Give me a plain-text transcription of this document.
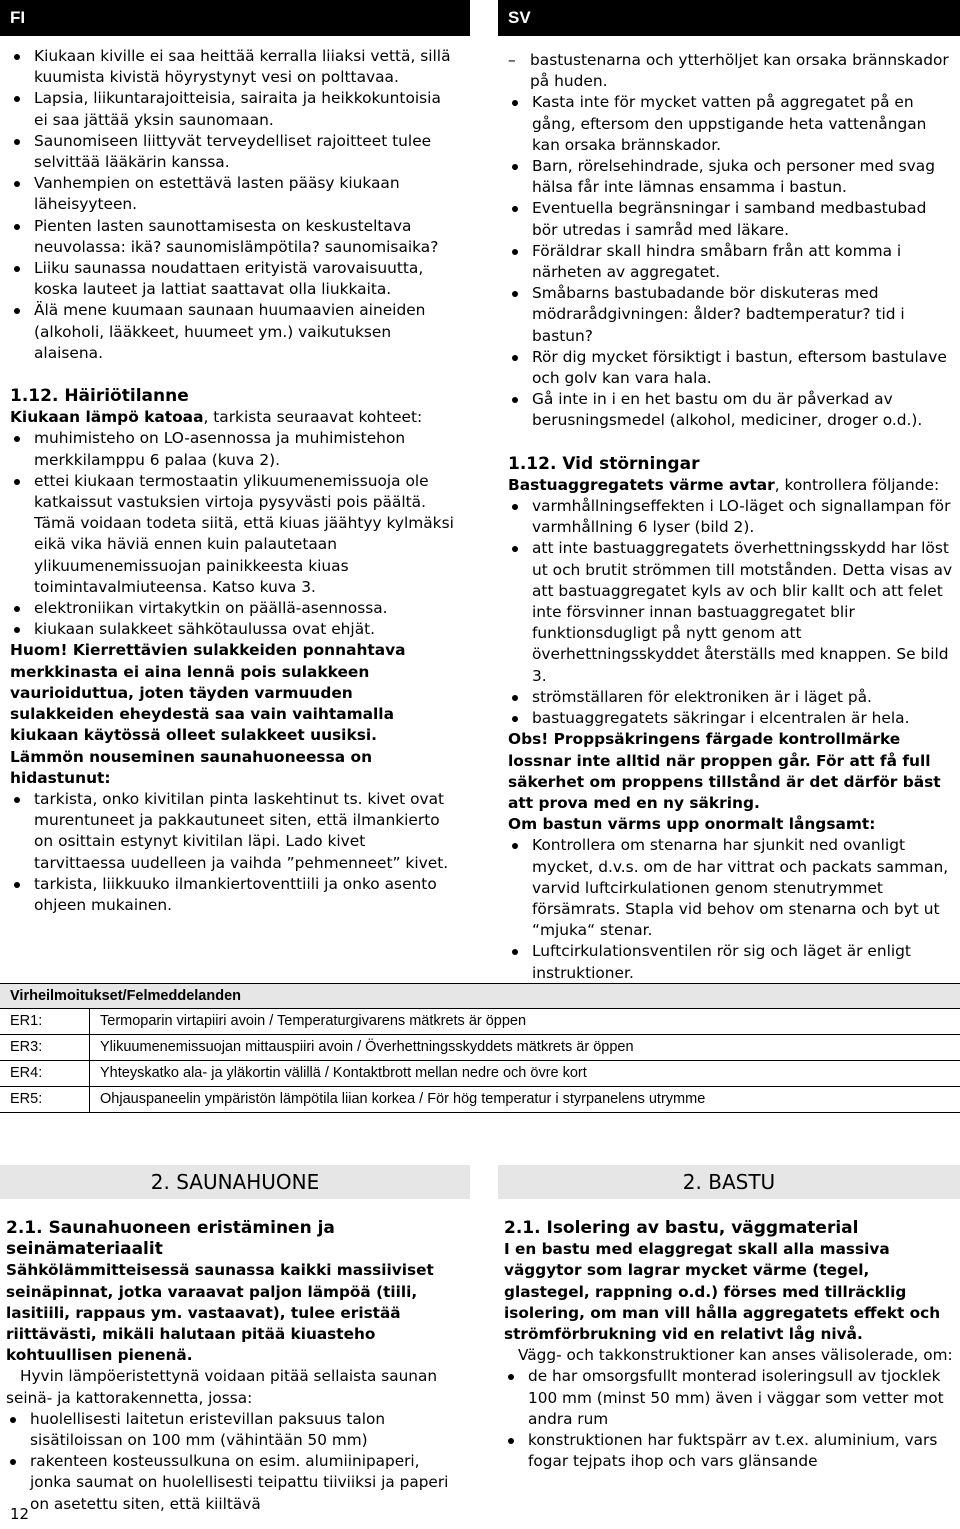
FI	SV
Kiukaan kiville ei saa heittää kerralla liiaksi vettä, sillä kuumista kivistä höyrystynyt vesi on polttavaa.
Lapsia, liikuntarajoitteisia, sairaita ja heikkokuntoisia ei saa jättää yksin saunomaan.
Saunomiseen liittyvät terveydelliset rajoitteet tulee selvittää lääkärin kanssa.
Vanhempien on estettävä lasten pääsy kiukaan läheisyyteen.
Pienten lasten saunottamisesta on keskusteltava neuvolassa: ikä? saunomislämpötila? saunomisaika?
Liiku saunassa noudattaen erityistä varovaisuutta, koska lauteet ja lattiat saattavat olla liukkaita.
Älä mene kuumaan saunaan huumaavien aineiden (alkoholi, lääkkeet, huumeet ym.) vaikutuksen alaisena.

1.12. Häiriötilanne

Kiukaan lämpö katoaa, tarkista seuraavat kohteet:

muhimisteho on LO-asennossa ja muhimistehon merkkilamppu 6 palaa (kuva 2).
ettei kiukaan termostaatin ylikuumenemissuoja ole katkaissut vastuksien virtoja pysyvästi pois päältä. Tämä voidaan todeta siitä, että kiuas jäähtyy kylmäksi eikä vika häviä ennen kuin palautetaan ylikuumenemissuojan painikkeesta kiuas toimintavalmiuteensa. Katso kuva 3.
elektroniikan virtakytkin on päällä-asennossa.
kiukaan sulakkeet sähkötaulussa ovat ehjät.

Huom! Kierrettävien sulakkeiden ponnahtava merkkinasta ei aina lennä pois sulakkeen vaurioiduttua, joten täyden varmuuden sulakkeiden eheydestä saa vain vaihtamalla kiukaan käytössä olleet sulakkeet uusiksi.

Lämmön nouseminen saunahuoneessa on hidastunut:

tarkista, onko kivitilan pinta laskehtinut ts. kivet ovat murentuneet ja pakkautuneet siten, että ilmankierto on osittain estynyt kivitilan läpi. Lado kivet tarvittaessa uudelleen ja vaihda ”pehmenneet” kivet.
tarkista, liikkuuko ilmankiertoventtiili ja onko asento ohjeen mukainen.
– bastustenarna och ytterhöljet kan orsaka brännskador på huden.
Kasta inte för mycket vatten på aggregatet på en gång, eftersom den uppstigande heta vattenångan kan orsaka brännskador.
Barn, rörelsehindrade, sjuka och personer med svag hälsa får inte lämnas ensamma i bastun.
Eventuella begränsningar i samband medbastubad bör utredas i samråd med läkare.
Föräldrar skall hindra småbarn från att komma i närheten av aggregatet.
Småbarns bastubadande bör diskuteras med mödrarådgivningen: ålder? badtemperatur? tid i bastun?
Rör dig mycket försiktigt i bastun, eftersom bastulave och golv kan vara hala.
Gå inte in i en het bastu om du är påverkad av berusningsmedel (alkohol, mediciner, droger o.d.).

1.12. Vid störningar

Bastuaggregatets värme avtar, kontrollera följande:

varmhållningseffekten i LO-läget och signallampan för varmhållning 6 lyser (bild 2).
att inte bastuaggregatets överhettningsskydd har löst ut och brutit strömmen till motstånden. Detta visas av att bastuaggregatet kyls av och blir kallt och att felet inte försvinner innan bastuaggregatet blir funktionsdugligt på nytt genom att överhettningsskyddet återställs med knappen. Se bild 3.
strömställaren för elektroniken är i läget på.
bastuaggregatets säkringar i elcentralen är hela.

Obs! Proppsäkringens färgade kontrollmärke lossnar inte alltid när proppen går. För att få full säkerhet om proppens tillstånd är det därför bäst att prova med en ny säkring.

Om bastun värms upp onormalt långsamt:

Kontrollera om stenarna har sjunkit ned ovanligt mycket, d.v.s. om de har vittrat och packats samman, varvid luftcirkulationen genom stenutrymmet försämrats. Stapla vid behov om stenarna och byt ut “mjuka“ stenar.
Luftcirkulationsventilen rör sig och läget är enligt instruktioner.
Virheilmoitukset/Felmeddelanden
ER1:	Termoparin virtapiiri avoin / Temperaturgivarens mätkrets är öppen
ER3:	Ylikuumenemissuojan mittauspiiri avoin / Överhettningsskyddets mätkrets är öppen
ER4:	Yhteyskatko ala- ja yläkortin välillä / Kontaktbrott mellan nedre och övre kort
ER5:	Ohjauspaneelin ympäristön lämpötila liian korkea / För hög temperatur i styrpanelens utrymme
2. SAUNAHUONE	2. BASTU

2.1. Saunahuoneen eristäminen ja seinämateriaalit

Sähkölämmitteisessä saunassa kaikki massiiviset seinäpinnat, jotka varaavat paljon lämpöä (tiili, lasitiili, rappaus ym. vastaavat), tulee eristää riittävästi, mikäli halutaan pitää kiuasteho kohtuullisen pienenä.

Hyvin lämpöeristettynä voidaan pitää sellaista saunan seinä- ja kattorakennetta, jossa:

huolellisesti laitetun eristevillan paksuus talon sisätiloissan on 100 mm (vähintään 50 mm)
rakenteen kosteussulkuna on esim. alumiinipaperi, jonka saumat on huolellisesti teipattu tiiviiksi ja paperi on asetettu siten, että kiiltävä

2.1. Isolering av bastu, väggmaterial

I en bastu med elaggregat skall alla massiva väggytor som lagrar mycket värme (tegel, glastegel, rappning o.d.) förses med tillräcklig isolering, om man vill hålla aggregatets effekt och strömförbrukning vid en relativt låg nivå.

Vägg- och takkonstruktioner kan anses välisolerade, om:

de har omsorgsfullt monterad isoleringsull av tjocklek 100 mm (minst 50 mm) även i väggar som vetter mot andra rum
konstruktionen har fuktspärr av t.ex. aluminium, vars fogar tejpats ihop och vars glänsande
12
